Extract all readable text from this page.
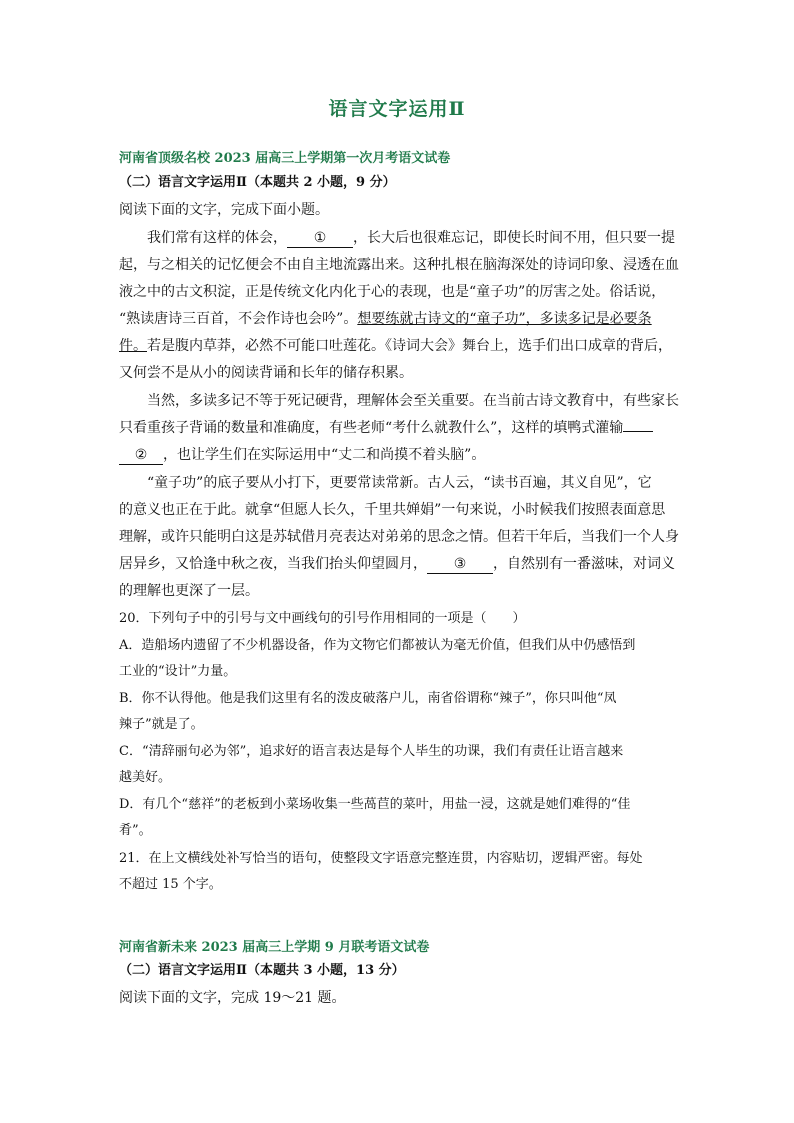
语言文字运用Ⅱ
河南省顶级名校 2023 届高三上学期第一次月考语文试卷
（二）语言文字运用Ⅱ（本题共 2 小题，9 分）
阅读下面的文字，完成下面小题。
我们常有这样的体会， ① ，长大后也很难忘记，即使长时间不用，但只要一提
起，与之相关的记忆便会不由自主地流露出来。这种扎根在脑海深处的诗词印象、浸透在血
液之中的古文积淀，正是传统文化内化于心的表现，也是“童子功”的厉害之处。俗话说，
“熟读唐诗三百首，不会作诗也会吟”。想要练就古诗文的“童子功”，多读多记是必要条
件。若是腹内草莽，必然不可能口吐莲花。《诗词大会》舞台上，选手们出口成章的背后，
又何尝不是从小的阅读背诵和长年的储存积累。
当然，多读多记不等于死记硬背，理解体会至关重要。在当前古诗文教育中，有些家长
只看重孩子背诵的数量和准确度，有些老师“考什么就教什么”，这样的填鸭式灌输
② ，也让学生们在实际运用中“丈二和尚摸不着头脑”。
“童子功”的底子要从小打下，更要常读常新。古人云，“读书百遍，其义自见”，它
的意义也正在于此。就拿“但愿人长久，千里共婵娟”一句来说，小时候我们按照表面意思
理解，或许只能明白这是苏轼借月亮表达对弟弟的思念之情。但若干年后，当我们一个人身
居异乡，又恰逢中秋之夜，当我们抬头仰望圆月， ③ ，自然别有一番滋味，对词义
的理解也更深了一层。
20．下列句子中的引号与文中画线句的引号作用相同的一项是（　　）
A．造船场内遗留了不少机器设备，作为文物它们都被认为毫无价值，但我们从中仍感悟到
工业的“设计”力量。
B．你不认得他。他是我们这里有名的泼皮破落户儿，南省俗谓称“辣子”，你只叫他“凤
辣子”就是了。
C．“清辞丽句必为邻”，追求好的语言表达是每个人毕生的功课，我们有责任让语言越来
越美好。
D．有几个“慈祥”的老板到小菜场收集一些萵苣的菜叶，用盐一浸，这就是她们难得的“佳
肴”。
21．在上文横线处补写恰当的语句，使整段文字语意完整连贯，内容贴切，逻辑严密。每处
不超过 15 个字。
河南省新未来 2023 届高三上学期 9 月联考语文试卷
（二）语言文字运用Ⅱ（本题共 3 小题，13 分）
阅读下面的文字，完成 19～21 题。
